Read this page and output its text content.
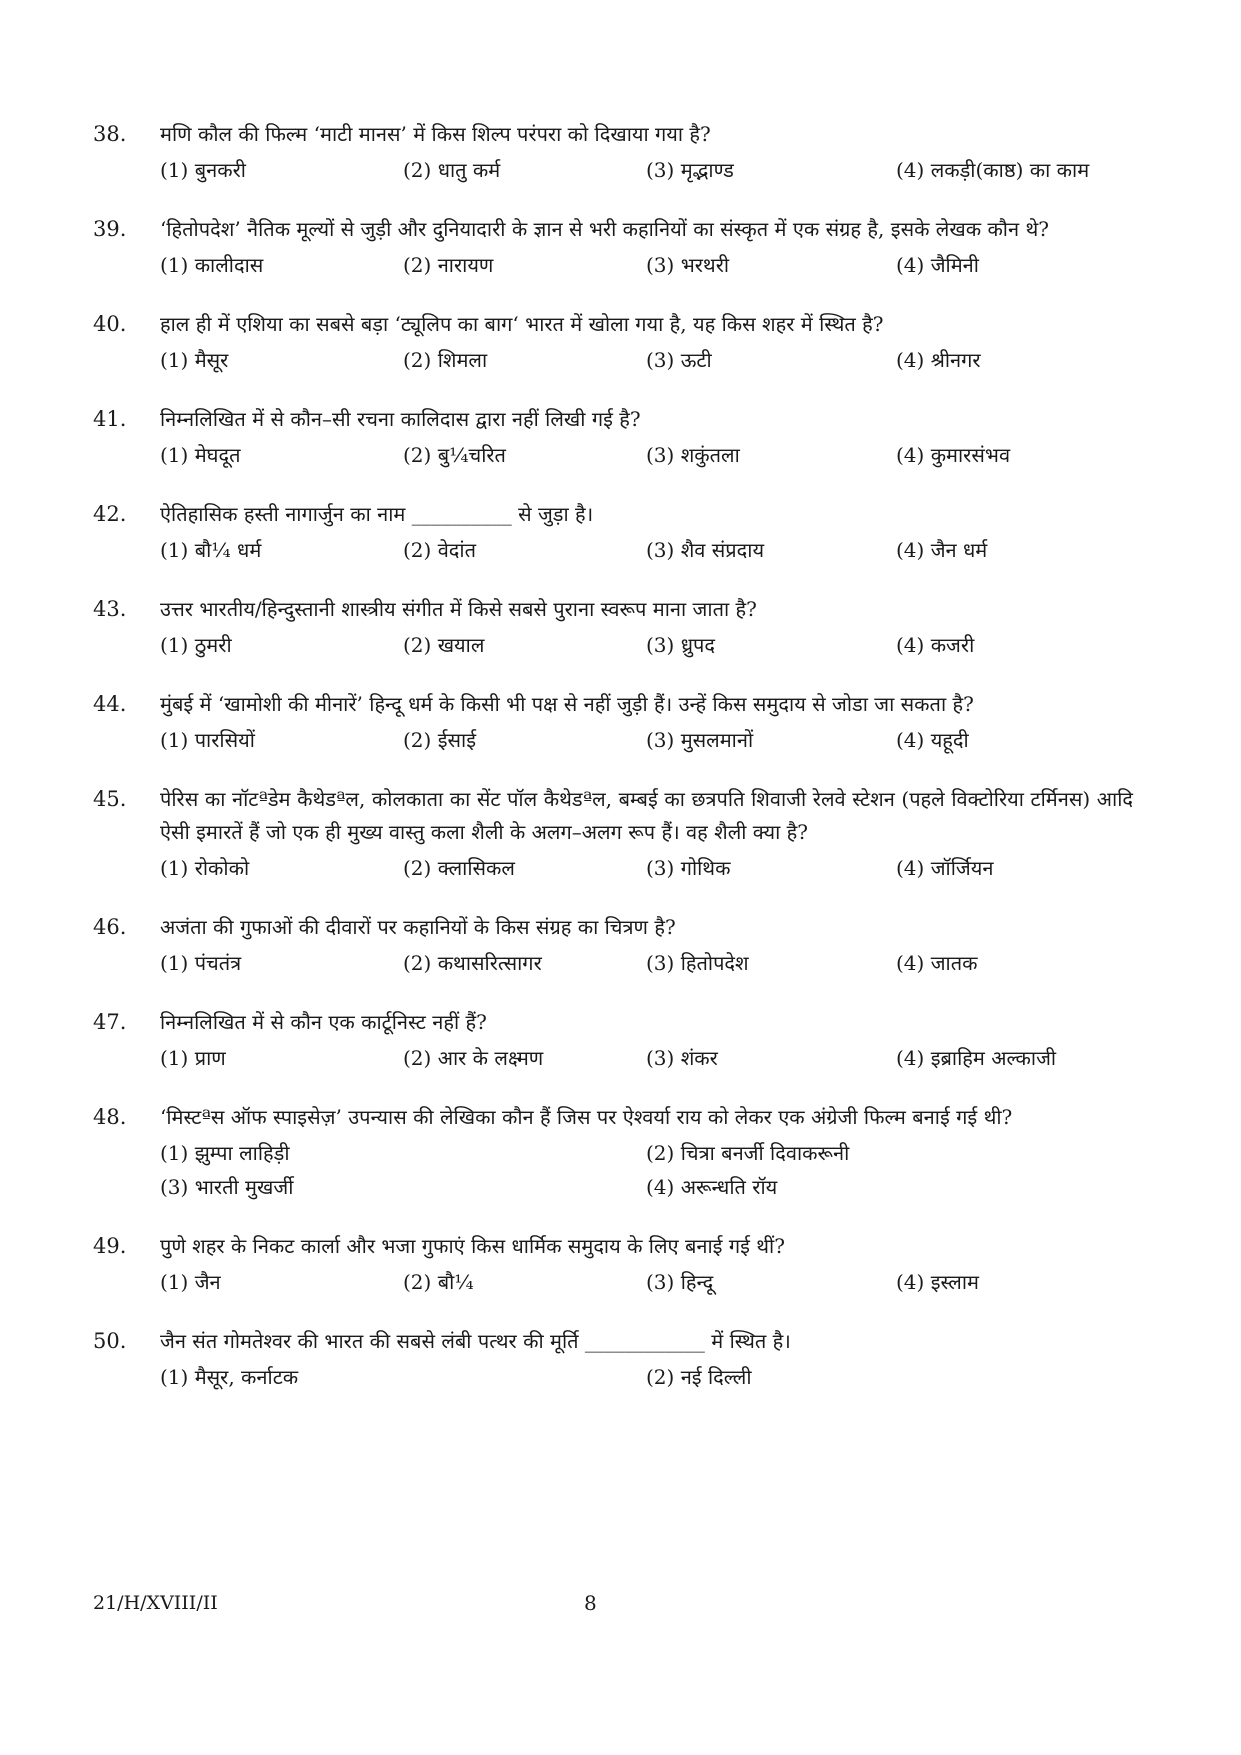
38.	मणि कौल की फिल्म ‘माटी मानस’ में किस शिल्प परंपरा को दिखाया गया है?
(1) बुनकरी	(2) धातु कर्म	(3) मृद्भाण्ड	(4) लकड़ी(काष्ठ) का काम
39.	‘हितोपदेश’ नैतिक मूल्यों से जुड़ी और दुनियादारी के ज्ञान से भरी कहानियों का संस्कृत में एक संग्रह है, इसके लेखक कौन थे?
(1) कालीदास	(2) नारायण	(3) भरथरी	(4) जैमिनी
40.	हाल ही में एशिया का सबसे बड़ा ‘ट्यूलिप का बाग‘ भारत में खोला गया है, यह किस शहर में स्थित है?
(1) मैसूर	(2) शिमला	(3) ऊटी	(4) श्रीनगर
41.	निम्नलिखित में से कौन–सी रचना कालिदास द्वारा नहीं लिखी गई है?
(1) मेघदूत	(2) बु¼चरित	(3) शकुंतला	(4) कुमारसंभव
42.	ऐतिहासिक हस्ती नागार्जुन का नाम __________ से जुड़ा है।
(1) बौ¼ धर्म	(2) वेदांत	(3) शैव संप्रदाय	(4) जैन धर्म
43.	उत्तर भारतीय/हिन्दुस्तानी शास्त्रीय संगीत में किसे सबसे पुराना स्वरूप माना जाता है?
(1) ठुमरी	(2) खयाल	(3) ध्रुपद	(4) कजरी
44.	मुंबई में ‘खामोशी की मीनारें’ हिन्दू धर्म के किसी भी पक्ष से नहीं जुड़ी हैं। उन्हें किस समुदाय से जोडा जा सकता है?
(1) पारसियों	(2) ईसाई	(3) मुसलमानों	(4) यहूदी
45.	पेरिस का नॉटªडेम कैथेडªल, कोलकाता का सेंट पॉल कैथेडªल, बम्बई का छत्रपति शिवाजी रेलवे स्टेशन (पहले विक्टोरिया टर्मिनस) आदि ऐसी इमारतें हैं जो एक ही मुख्य वास्तु कला शैली के अलग–अलग रूप हैं। वह शैली क्या है?
(1) रोकोको	(2) क्लासिकल	(3) गोथिक	(4) जॉर्जियन
46.	अजंता की गुफाओं की दीवारों पर कहानियों के किस संग्रह का चित्रण है?
(1) पंचतंत्र	(2) कथासरित्सागर	(3) हितोपदेश	(4) जातक
47.	निम्नलिखित में से कौन एक कार्टूनिस्ट नहीं हैं?
(1) प्राण	(2) आर के लक्ष्मण	(3) शंकर	(4) इब्राहिम अल्काजी
48.	‘मिस्टªस ऑफ स्पाइसेज़’ उपन्यास की लेखिका कौन हैं जिस पर ऐश्वर्या राय को लेकर एक अंग्रेजी फिल्म बनाई गई थी?
(1) झुम्पा लाहिड़ी	(2) चित्रा बनर्जी दिवाकरूनी
(3) भारती मुखर्जी	(4) अरून्धति रॉय
49.	पुणे शहर के निकट कार्ला और भजा गुफाएं किस धार्मिक समुदाय के लिए बनाई गई थीं?
(1) जैन	(2) बौ¼	(3) हिन्दू	(4) इस्लाम
50.	जैन संत गोमतेश्वर की भारत की सबसे लंबी पत्थर की मूर्ति ____________ में स्थित है।
(1) मैसूर, कर्नाटक	(2) नई दिल्ली
21/H/XVIII/II	8
